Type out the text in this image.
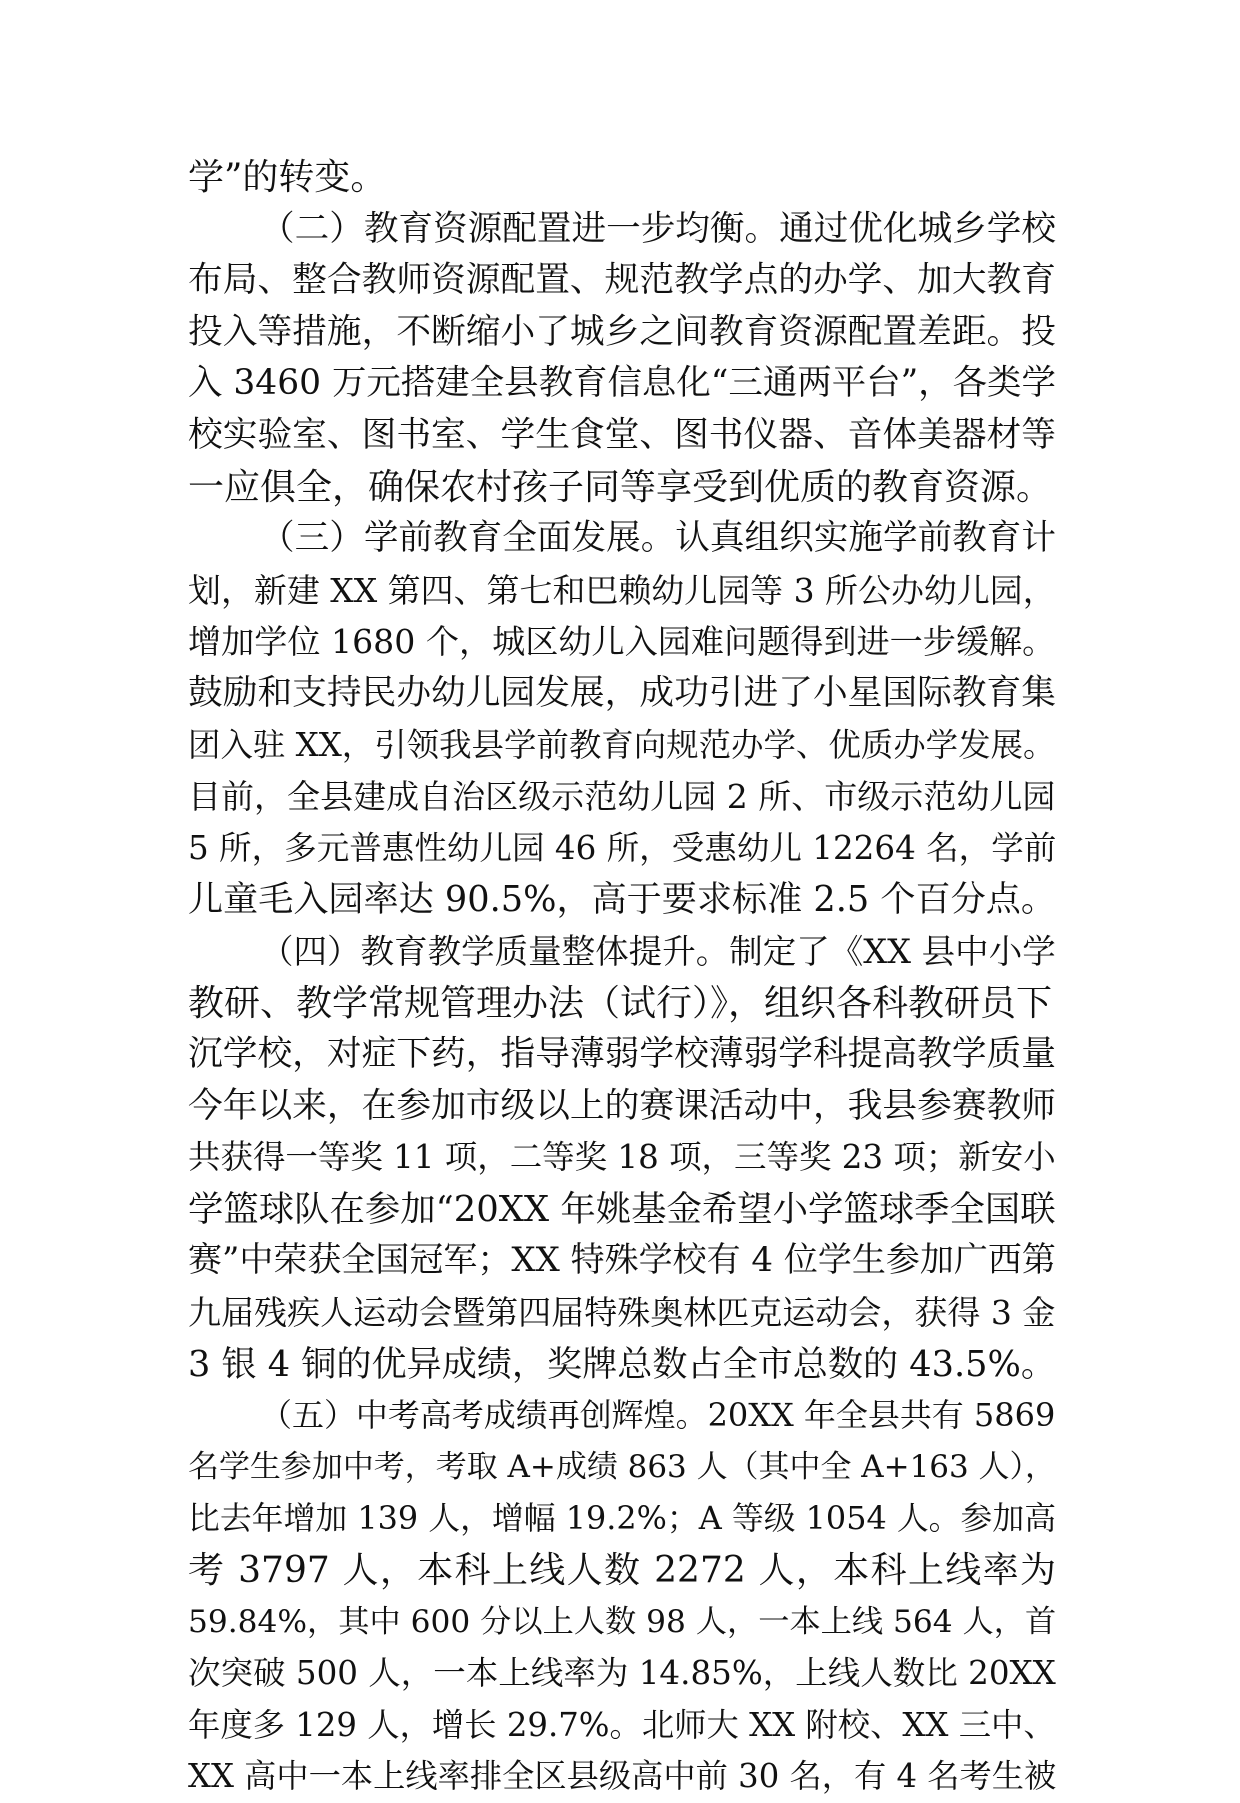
学”的转变。
（二）教育资源配置进一步均衡。通过优化城乡学校
布局、整合教师资源配置、规范教学点的办学、加大教育
投入等措施，不断缩小了城乡之间教育资源配置差距。投
入 3460 万元搭建全县教育信息化“三通两平台”，各类学
校实验室、图书室、学生食堂、图书仪器、音体美器材等
一应俱全，确保农村孩子同等享受到优质的教育资源。
（三）学前教育全面发展。认真组织实施学前教育计
划，新建 XX 第四、第七和巴赖幼儿园等 3 所公办幼儿园，
增加学位 1680 个，城区幼儿入园难问题得到进一步缓解。
鼓励和支持民办幼儿园发展，成功引进了小星国际教育集
团入驻 XX，引领我县学前教育向规范办学、优质办学发展。
目前，全县建成自治区级示范幼儿园 2 所、市级示范幼儿园
5 所，多元普惠性幼儿园 46 所，受惠幼儿 12264 名，学前
儿童毛入园率达 90.5%，高于要求标准 2.5 个百分点。
（四）教育教学质量整体提升。制定了《XX 县中小学
教研、教学常规管理办法（试行）》，组织各科教研员下
沉学校，对症下药，指导薄弱学校薄弱学科提高教学质量
今年以来，在参加市级以上的赛课活动中，我县参赛教师
共获得一等奖 11 项，二等奖 18 项，三等奖 23 项；新安小
学篮球队在参加“20XX 年姚基金希望小学篮球季全国联
赛”中荣获全国冠军；XX 特殊学校有 4 位学生参加广西第
九届残疾人运动会暨第四届特殊奥林匹克运动会，获得 3 金
3 银 4 铜的优异成绩，奖牌总数占全市总数的 43.5%。
（五）中考高考成绩再创辉煌。20XX 年全县共有 5869
名学生参加中考，考取 A+成绩 863 人（其中全 A+163 人），
比去年增加 139 人，增幅 19.2%；A 等级 1054 人。参加高
考 3797 人，本科上线人数 2272 人，本科上线率为
59.84%，其中 600 分以上人数 98 人，一本上线 564 人，首
次突破 500 人，一本上线率为 14.85%，上线人数比 20XX
年度多 129 人，增长 29.7%。北师大 XX 附校、XX 三中、
XX 高中一本上线率排全区县级高中前 30 名，有 4 名考生被
